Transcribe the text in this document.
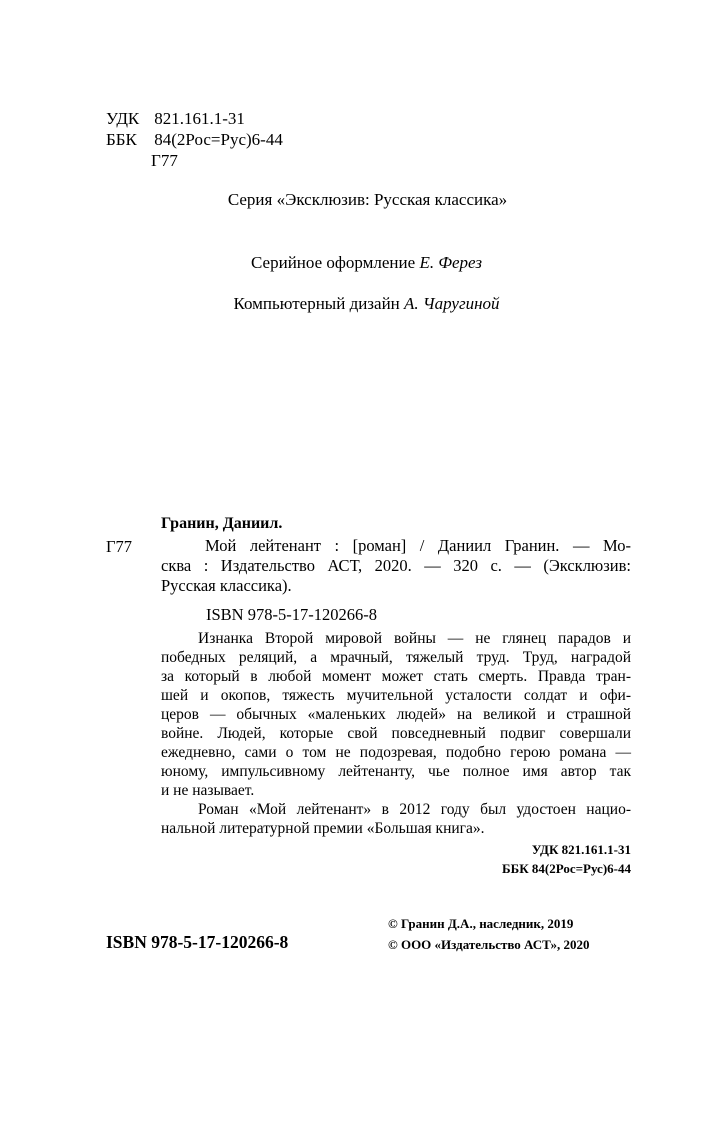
УДК 821.161.1-31
ББК 84(2Рос=Рус)6-44
Г77
Серия «Эксклюзив: Русская классика»
Серийное оформление Е. Ферез
Компьютерный дизайн А. Чаругиной
Гранин, Даниил.
Г77	Мой лейтенант : [роман] / Даниил Гранин. — Мо-
сква : Издательство АСТ, 2020. — 320 с. — (Эксклюзив:
Русская классика).
ISBN 978-5-17-120266-8
Изнанка Второй мировой войны — не глянец парадов и
победных реляций, а мрачный, тяжелый труд. Труд, наградой
за который в любой момент может стать смерть. Правда тран-
шей и окопов, тяжесть мучительной усталости солдат и офи-
церов — обычных «маленьких людей» на великой и страшной
войне. Людей, которые свой повседневный подвиг совершали
ежедневно, сами о том не подозревая, подобно герою романа —
юному, импульсивному лейтенанту, чье полное имя автор так
и не называет.
Роман «Мой лейтенант» в 2012 году был удостоен нацио-
нальной литературной премии «Большая книга».
УДК 821.161.1-31
ББК 84(2Рос=Рус)6-44
ISBN 978-5-17-120266-8
© Гранин Д.А., наследник, 2019
© ООО «Издательство АСТ», 2020
